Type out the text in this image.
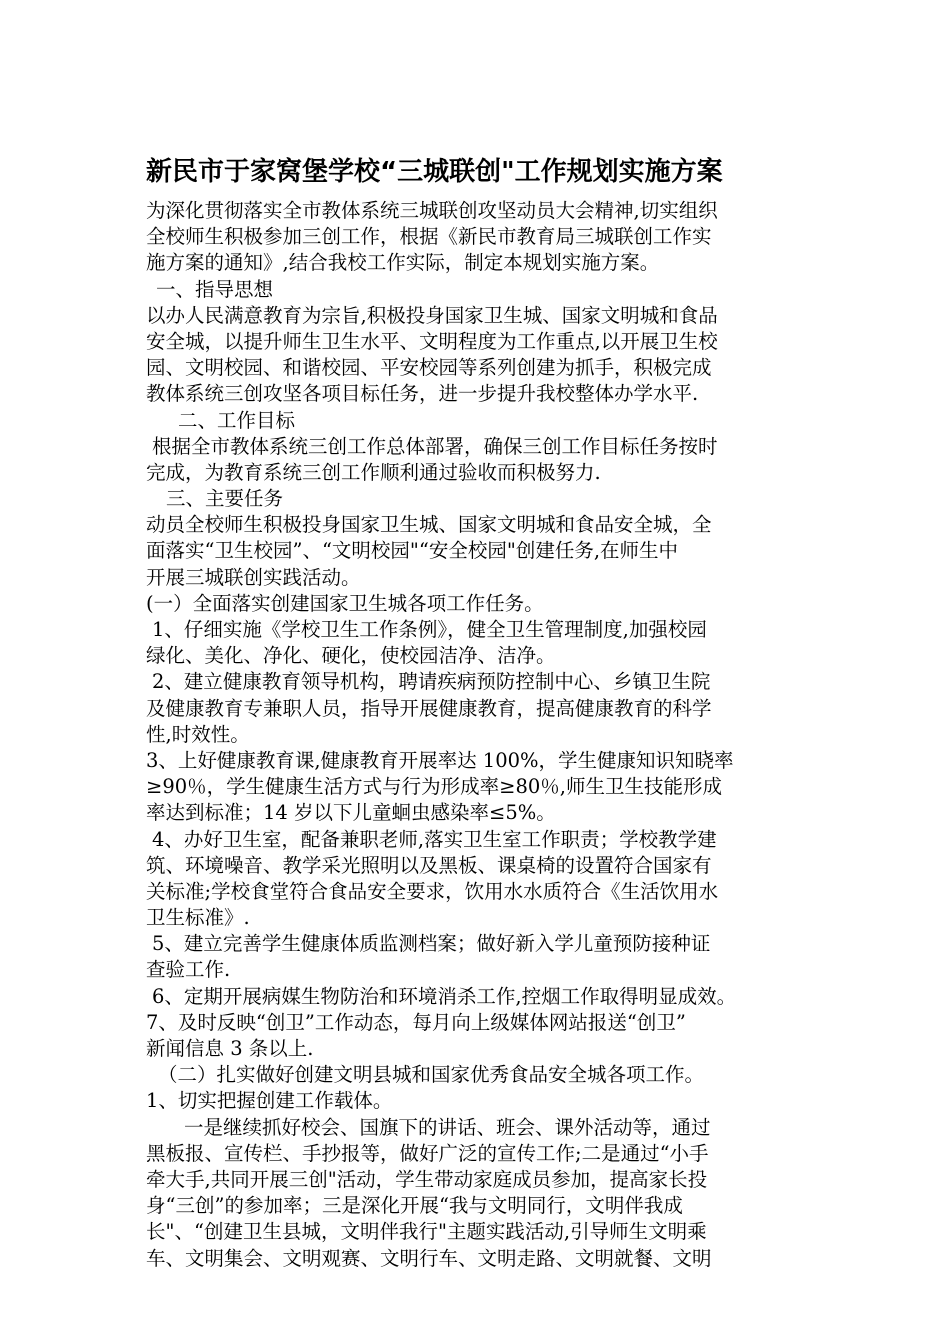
新民市于家窝堡学校“三城联创"工作规划实施方案

为深化贯彻落实全市教体系统三城联创攻坚动员大会精神,切实组织

全校师生积极参加三创工作，根据《新民市教育局三城联创工作实

施方案的通知》,结合我校工作实际，制定本规划实施方案。

一、指导思想

以办人民满意教育为宗旨,积极投身国家卫生城、国家文明城和食品

安全城，以提升师生卫生水平、文明程度为工作重点,以开展卫生校

园、文明校园、和谐校园、平安校园等系列创建为抓手，积极完成

教体系统三创攻坚各项目标任务，进一步提升我校整体办学水平.

二、工作目标

根据全市教体系统三创工作总体部署，确保三创工作目标任务按时

完成，为教育系统三创工作顺利通过验收而积极努力.

三、主要任务

动员全校师生积极投身国家卫生城、国家文明城和食品安全城，全

面落实“卫生校园”、“文明校园"“安全校园"创建任务,在师生中

开展三城联创实践活动。

(一）全面落实创建国家卫生城各项工作任务。

1、仔细实施《学校卫生工作条例》，健全卫生管理制度,加强校园

绿化、美化、净化、硬化，使校园洁净、洁净。

2、建立健康教育领导机构，聘请疾病预防控制中心、乡镇卫生院

及健康教育专兼职人员，指导开展健康教育，提高健康教育的科学

性,时效性。

3、上好健康教育课,健康教育开展率达 100%，学生健康知识知晓率

≥90％，学生健康生活方式与行为形成率≥80％,师生卫生技能形成

率达到标准；14 岁以下儿童蛔虫感染率≤5%。

4、办好卫生室，配备兼职老师,落实卫生室工作职责；学校教学建

筑、环境噪音、教学采光照明以及黑板、课桌椅的设置符合国家有

关标准;学校食堂符合食品安全要求，饮用水水质符合《生活饮用水

卫生标准》.

5、建立完善学生健康体质监测档案；做好新入学儿童预防接种证

查验工作.

6、定期开展病媒生物防治和环境消杀工作,控烟工作取得明显成效。

7、及时反映“创卫”工作动态，每月向上级媒体网站报送“创卫”

新闻信息 3 条以上.

（二）扎实做好创建文明县城和国家优秀食品安全城各项工作。

1、切实把握创建工作载体。

一是继续抓好校会、国旗下的讲话、班会、课外活动等，通过

黑板报、宣传栏、手抄报等，做好广泛的宣传工作;二是通过“小手

牵大手,共同开展三创"活动，学生带动家庭成员参加，提高家长投

身“三创”的参加率；三是深化开展“我与文明同行，文明伴我成

长"、“创建卫生县城，文明伴我行"主题实践活动,引导师生文明乘

车、文明集会、文明观赛、文明行车、文明走路、文明就餐、文明
